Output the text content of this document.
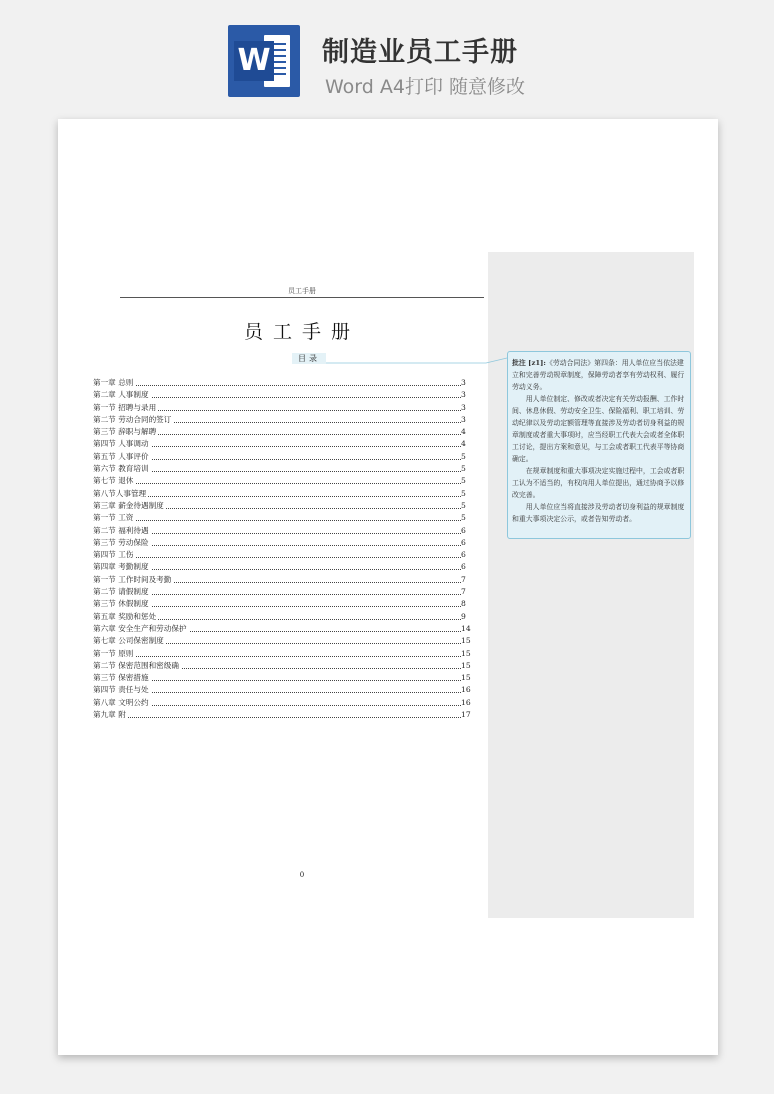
W 制造业员工手册
Word A4打印 随意修改
员工手册
员工手册
目录
第一章 总则	3
第二章 人事制度	3
第一节 招聘与录用	3
第二节 劳动合同的签订	3
第三节 辞职与解聘	4
第四节 人事调动	4
第五节 人事评价	5
第六节 教育培训	5
第七节 退休	5
第八节人事管理	5
第三章 薪金待遇制度	5
第一节 工资	5
第二节 福利待遇	6
第三节 劳动保险	6
第四节 工伤	6
第四章 考勤制度	6
第一节 工作时间及考勤	7
第二节 请假制度	7
第三节 休假制度	8
第五章 奖励和惩处	9
第六章 安全生产和劳动保护	14
第七章 公司保密制度	15
第一节 原则	15
第二节 保密范围和密级确	15
第三节 保密措施	15
第四节 责任与处	16
第八章 文明公约	16
第九章 附	17
0

批注 [z1]:《劳动合同法》第四条：用人单位应当依法建立和完善劳动规章制度，保障劳动者享有劳动权利、履行劳动义务。

用人单位制定、修改或者决定有关劳动报酬、工作时间、休息休假、劳动安全卫生、保险福利、职工培训、劳动纪律以及劳动定额管理等直接涉及劳动者切身利益的规章制度或者重大事项时，应当经职工代表大会或者全体职工讨论，提出方案和意见，与工会或者职工代表平等协商确定。

在规章制度和重大事项决定实施过程中，工会或者职工认为不适当的，有权向用人单位提出，通过协商予以修改完善。

用人单位应当将直接涉及劳动者切身利益的规章制度和重大事项决定公示，或者告知劳动者。
